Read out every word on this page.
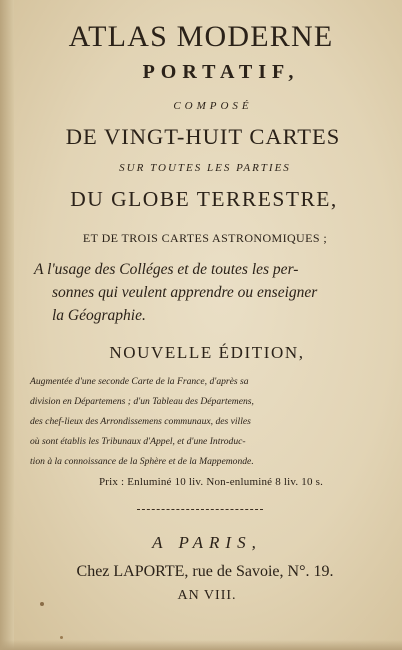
ATLAS MODERNE
PORTATIF,
COMPOSÉ
DE VINGT-HUIT CARTES
SUR TOUTES LES PARTIES
DU GLOBE TERRESTRE,
ET DE TROIS CARTES ASTRONOMIQUES ;
A l'usage des Colléges et de toutes les per-
sonnes qui veulent apprendre ou enseigner
la Géographie.
NOUVELLE ÉDITION,
Augmentée d'une seconde Carte de la France, d'après sa
division en Départemens ; d'un Tableau des Départemens,
des chef-lieux des Arrondissemens communaux, des villes
où sont établis les Tribunaux d'Appel, et d'une Introduc-
tion à la connoissance de la Sphère et de la Mappemonde.
Prix : Enluminé 10 liv. Non-enluminé 8 liv. 10 s.
A PARIS,
Chez LAPORTE, rue de Savoie, N°. 19.
AN VIII.
